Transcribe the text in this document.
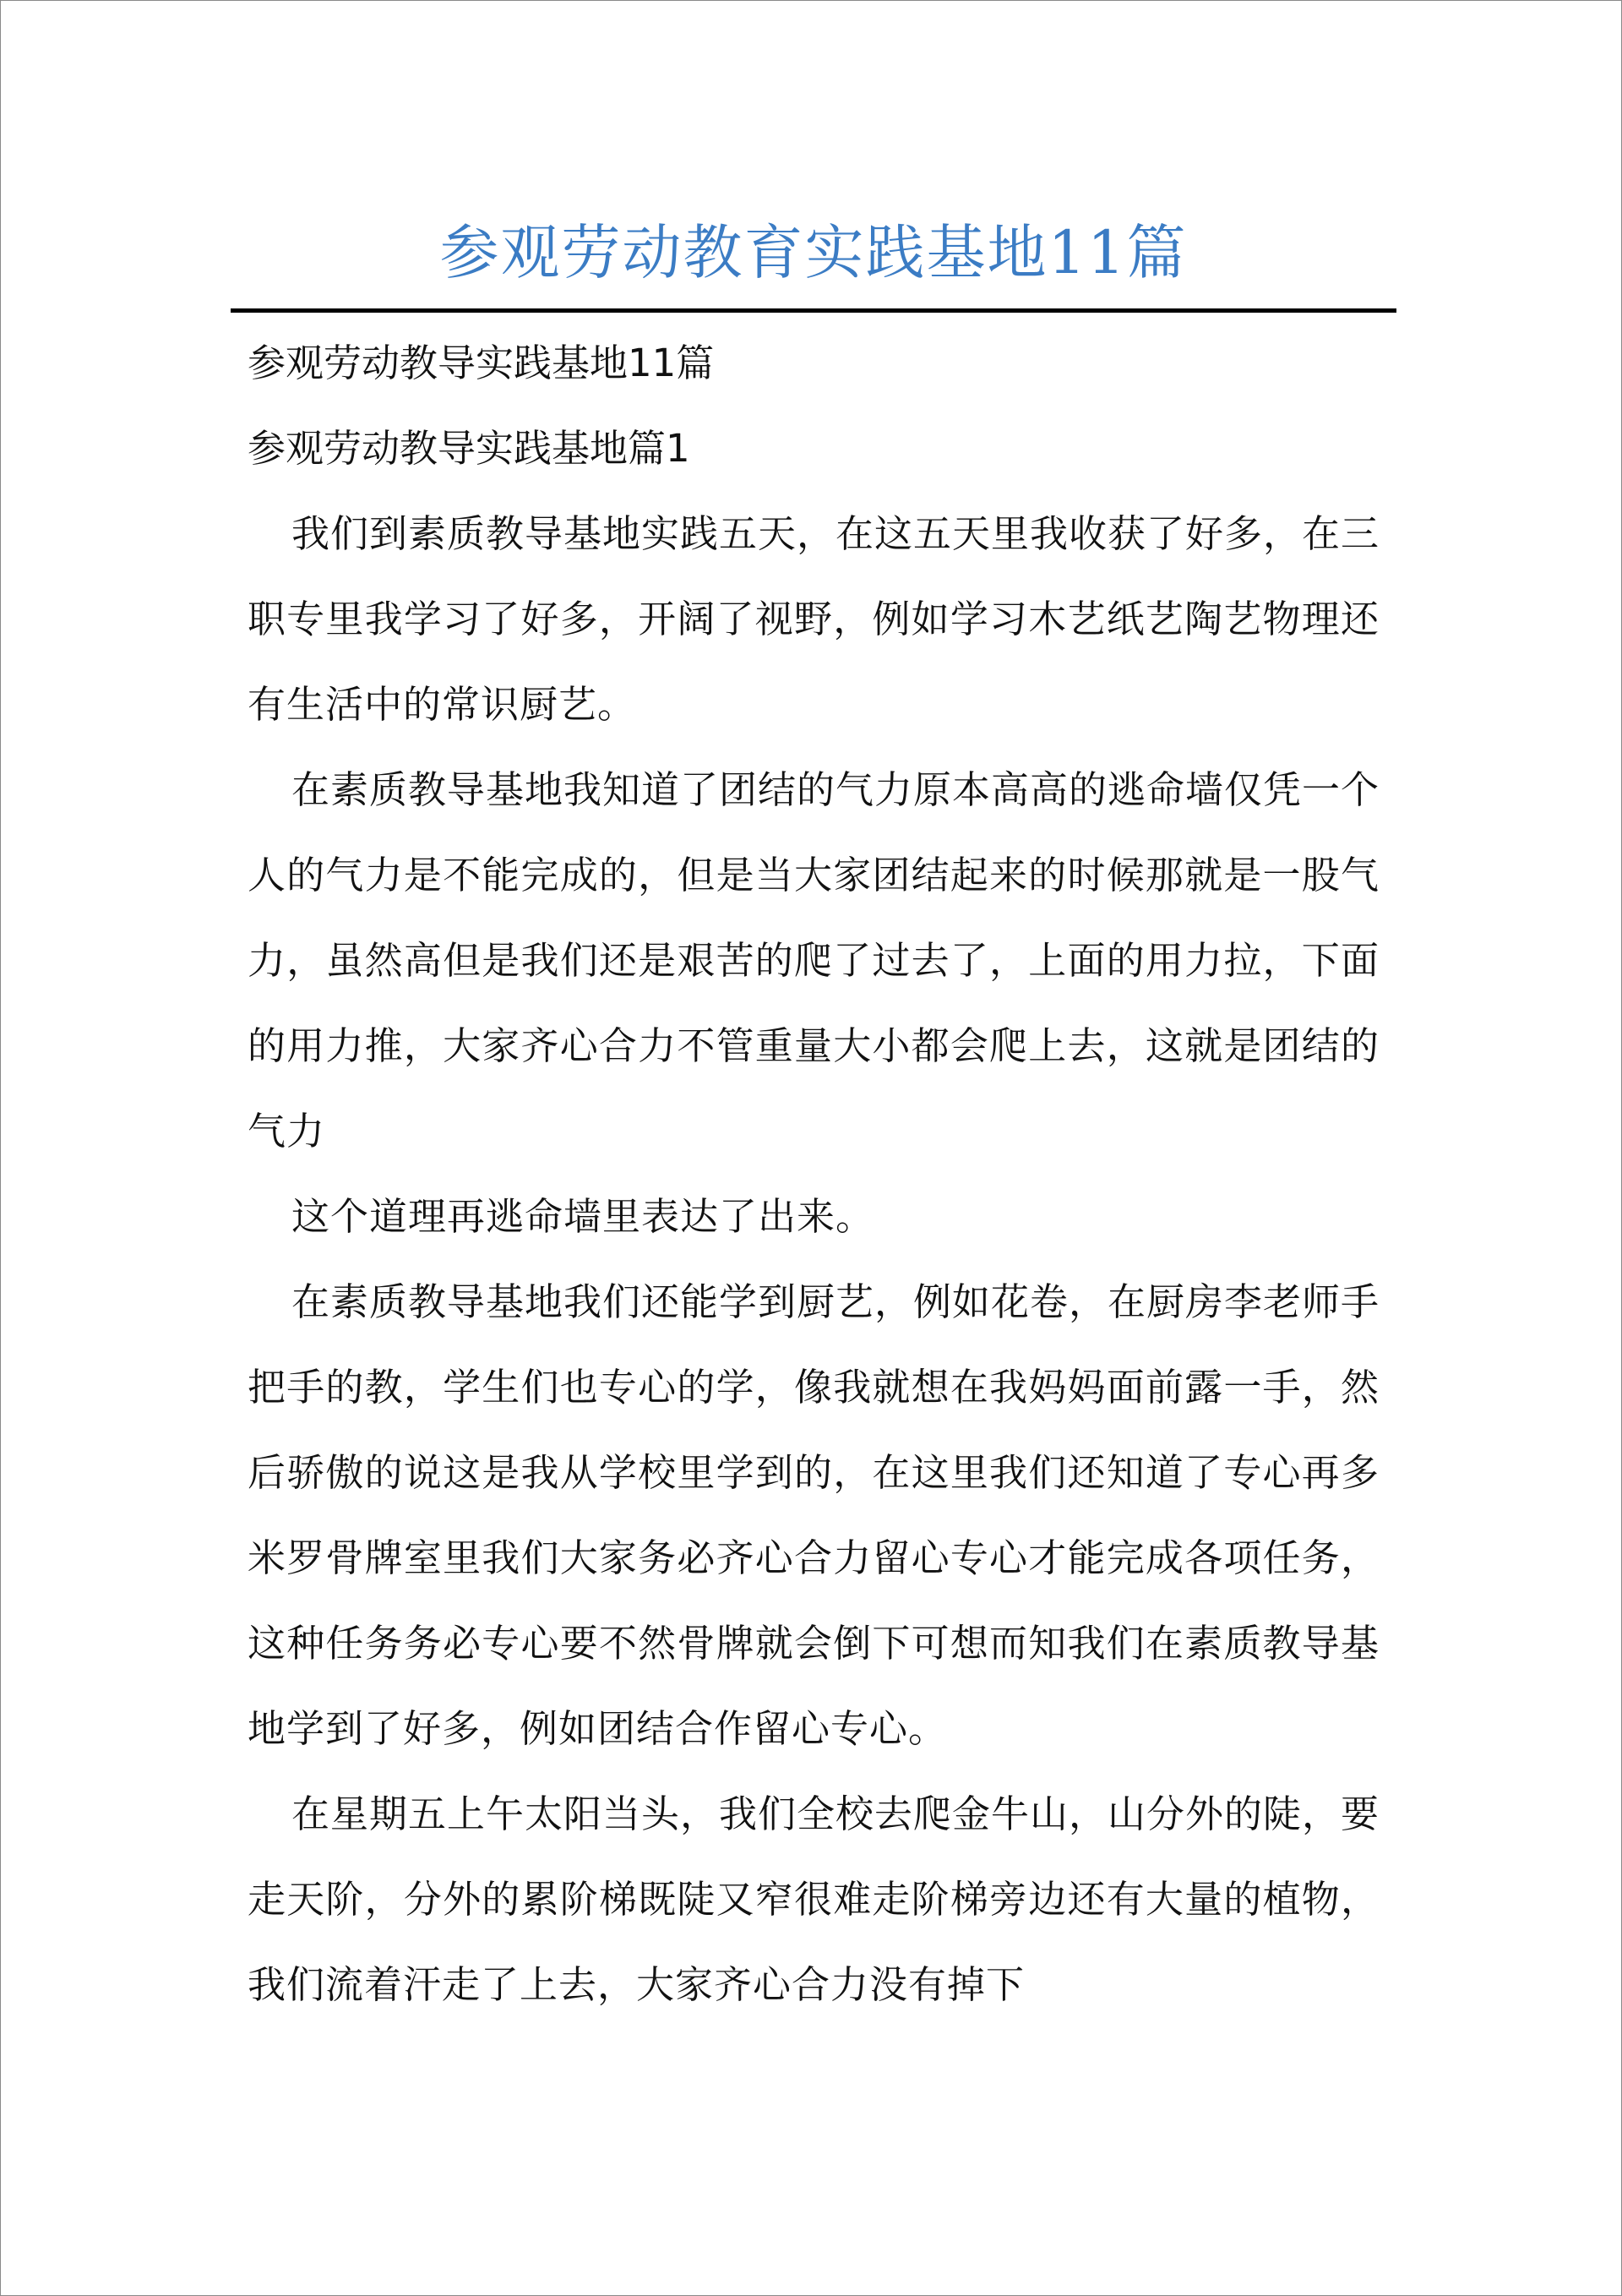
参观劳动教育实践基地11篇

参观劳动教导实践基地11篇

参观劳动教导实践基地篇1

我们到素质教导基地实践五天，在这五天里我收获了好多，在三职专里我学习了好多，开阔了视野，例如学习木艺纸艺陶艺物理还有生活中的常识厨艺。

在素质教导基地我知道了团结的气力原本高高的逃命墙仅凭一个人的气力是不能完成的，但是当大家团结起来的时候那就是一股气力，虽然高但是我们还是艰苦的爬了过去了，上面的用力拉，下面的用力推，大家齐心合力不管重量大小都会爬上去，这就是团结的气力

这个道理再逃命墙里表达了出来。

在素质教导基地我们还能学到厨艺，例如花卷，在厨房李老师手把手的教，学生们也专心的学，像我就想在我妈妈面前露一手，然后骄傲的说这是我从学校里学到的，在这里我们还知道了专心再多米罗骨牌室里我们大家务必齐心合力留心专心才能完成各项任务，这种任务务必专心要不然骨牌就会倒下可想而知我们在素质教导基地学到了好多，例如团结合作留心专心。

在星期五上午太阳当头，我们全校去爬金牛山，山分外的陡，要走天阶，分外的累阶梯既陡又窄很难走阶梯旁边还有大量的植物，我们流着汗走了上去，大家齐心合力没有掉下
